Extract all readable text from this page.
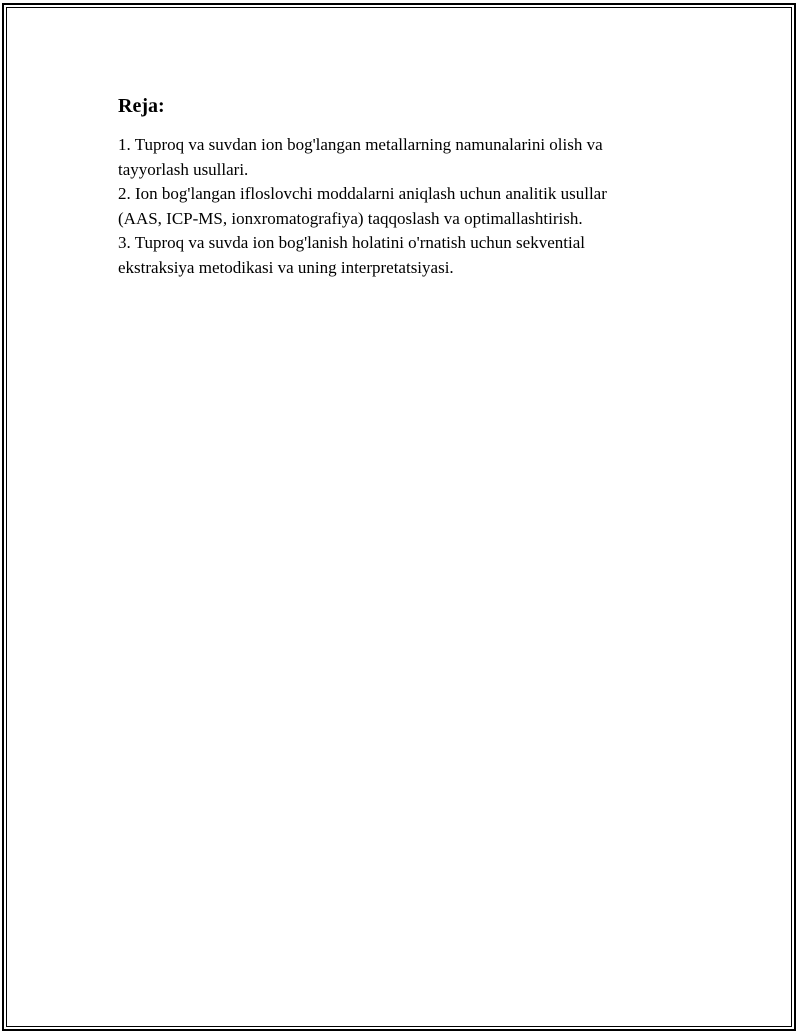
Reja:
1. Tuproq va suvdan ion bog'langan metallarning namunalarini olish va
tayyorlash usullari.
2. Ion bog'langan ifloslovchi moddalarni aniqlash uchun analitik usullar
(AAS, ICP-MS, ionxromatografiya) taqqoslash va optimallashtirish.
3. Tuproq va suvda ion bog'lanish holatini o'rnatish uchun sekvential
ekstraksiya metodikasi va uning interpretatsiyasi.
